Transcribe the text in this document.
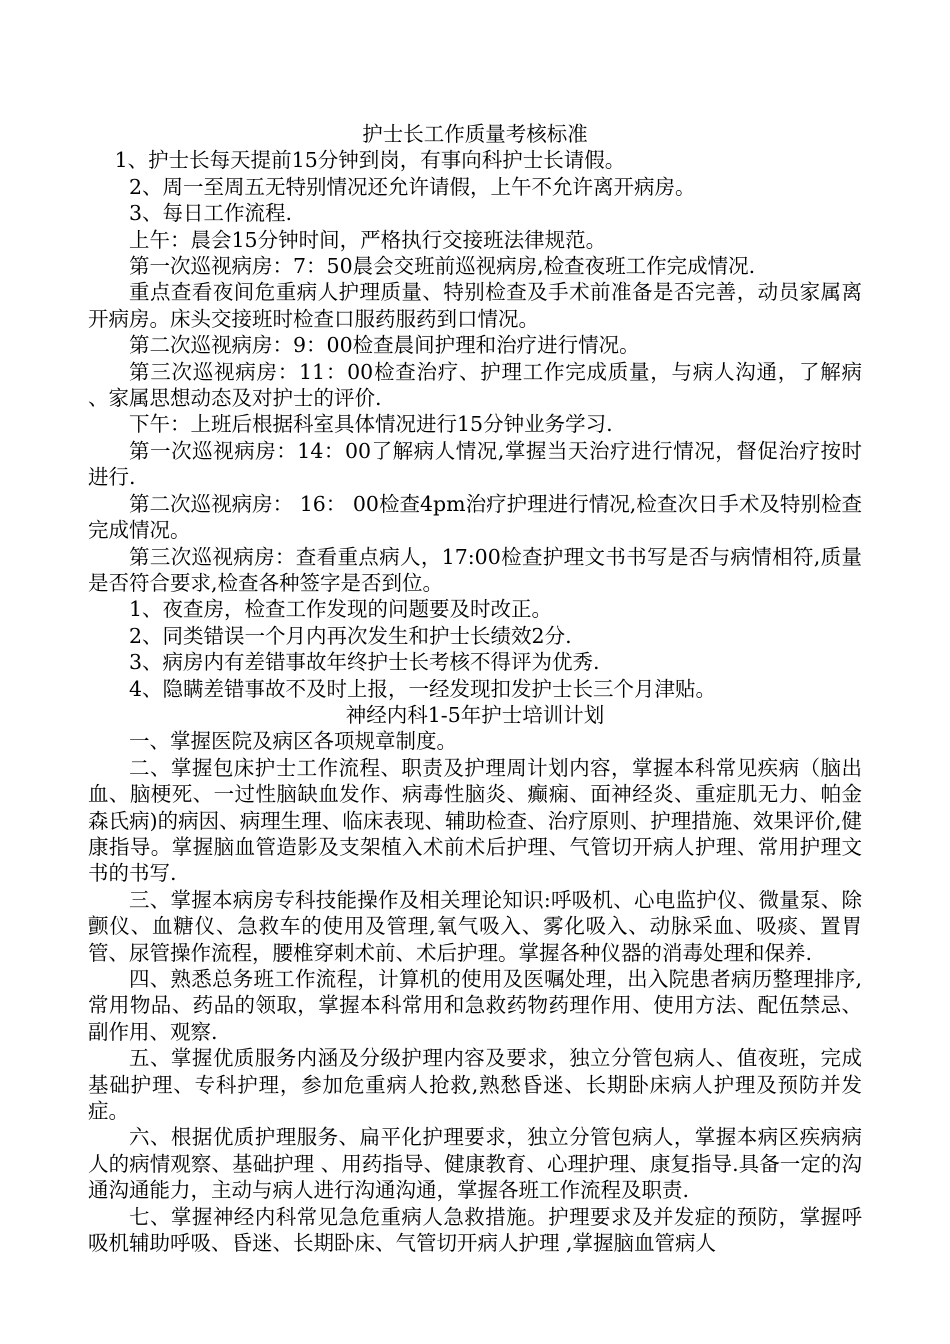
护士长工作质量考核标准

1、护士长每天提前15分钟到岗，有事向科护士长请假。

2、周一至周五无特别情况还允许请假，上午不允许离开病房。

3、每日工作流程.

上午：晨会15分钟时间，严格执行交接班法律规范。

第一次巡视病房：7：50晨会交班前巡视病房,检查夜班工作完成情况.

重点查看夜间危重病人护理质量、特别检查及手术前准备是否完善，动员家属离开病房。床头交接班时检查口服药服药到口情况。

第二次巡视病房：9：00检查晨间护理和治疗进行情况。

第三次巡视病房：11：00检查治疗、护理工作完成质量，与病人沟通，了解病 、家属思想动态及对护士的评价.

下午：上班后根据科室具体情况进行15分钟业务学习.

第一次巡视病房：14：00了解病人情况,掌握当天治疗进行情况，督促治疗按时进行.

第二次巡视病房： 16： 00检查4pm治疗护理进行情况,检查次日手术及特别检查完成情况。

第三次巡视病房：查看重点病人，17:00检查护理文书书写是否与病情相符,质量是否符合要求,检查各种签字是否到位。

1、夜查房，检查工作发现的问题要及时改正。

2、同类错误一个月内再次发生和护士长绩效2分.

3、病房内有差错事故年终护士长考核不得评为优秀.

4、隐瞒差错事故不及时上报，一经发现扣发护士长三个月津贴。

神经内科1-5年护士培训计划

一、掌握医院及病区各项规章制度。

二、掌握包床护士工作流程、职责及护理周计划内容，掌握本科常见疾病（脑出血、脑梗死、一过性脑缺血发作、病毒性脑炎、癫痫、面神经炎、重症肌无力、帕金森氏病)的病因、病理生理、临床表现、辅助检查、治疗原则、护理措施、效果评价,健康指导。掌握脑血管造影及支架植入术前术后护理、气管切开病人护理、常用护理文书的书写.

三、掌握本病房专科技能操作及相关理论知识:呼吸机、心电监护仪、微量泵、除颤仪、血糖仪、急救车的使用及管理,氧气吸入、雾化吸入、动脉采血、吸痰、置胃管、尿管操作流程，腰椎穿刺术前、术后护理。掌握各种仪器的消毒处理和保养.

四、熟悉总务班工作流程，计算机的使用及医嘱处理，出入院患者病历整理排序,常用物品、药品的领取，掌握本科常用和急救药物药理作用、使用方法、配伍禁忌、副作用、观察.

五、掌握优质服务内涵及分级护理内容及要求，独立分管包病人、值夜班，完成基础护理、专科护理，参加危重病人抢救,熟愁昏迷、长期卧床病人护理及预防并发症。

六、根据优质护理服务、扁平化护理要求，独立分管包病人，掌握本病区疾病病人的病情观察、基础护理 、用药指导、健康教育、心理护理、康复指导.具备一定的沟通沟通能力，主动与病人进行沟通沟通，掌握各班工作流程及职责.

七、掌握神经内科常见急危重病人急救措施。护理要求及并发症的预防，掌握呼吸机辅助呼吸、昏迷、长期卧床、气管切开病人护理 ,掌握脑血管病人
